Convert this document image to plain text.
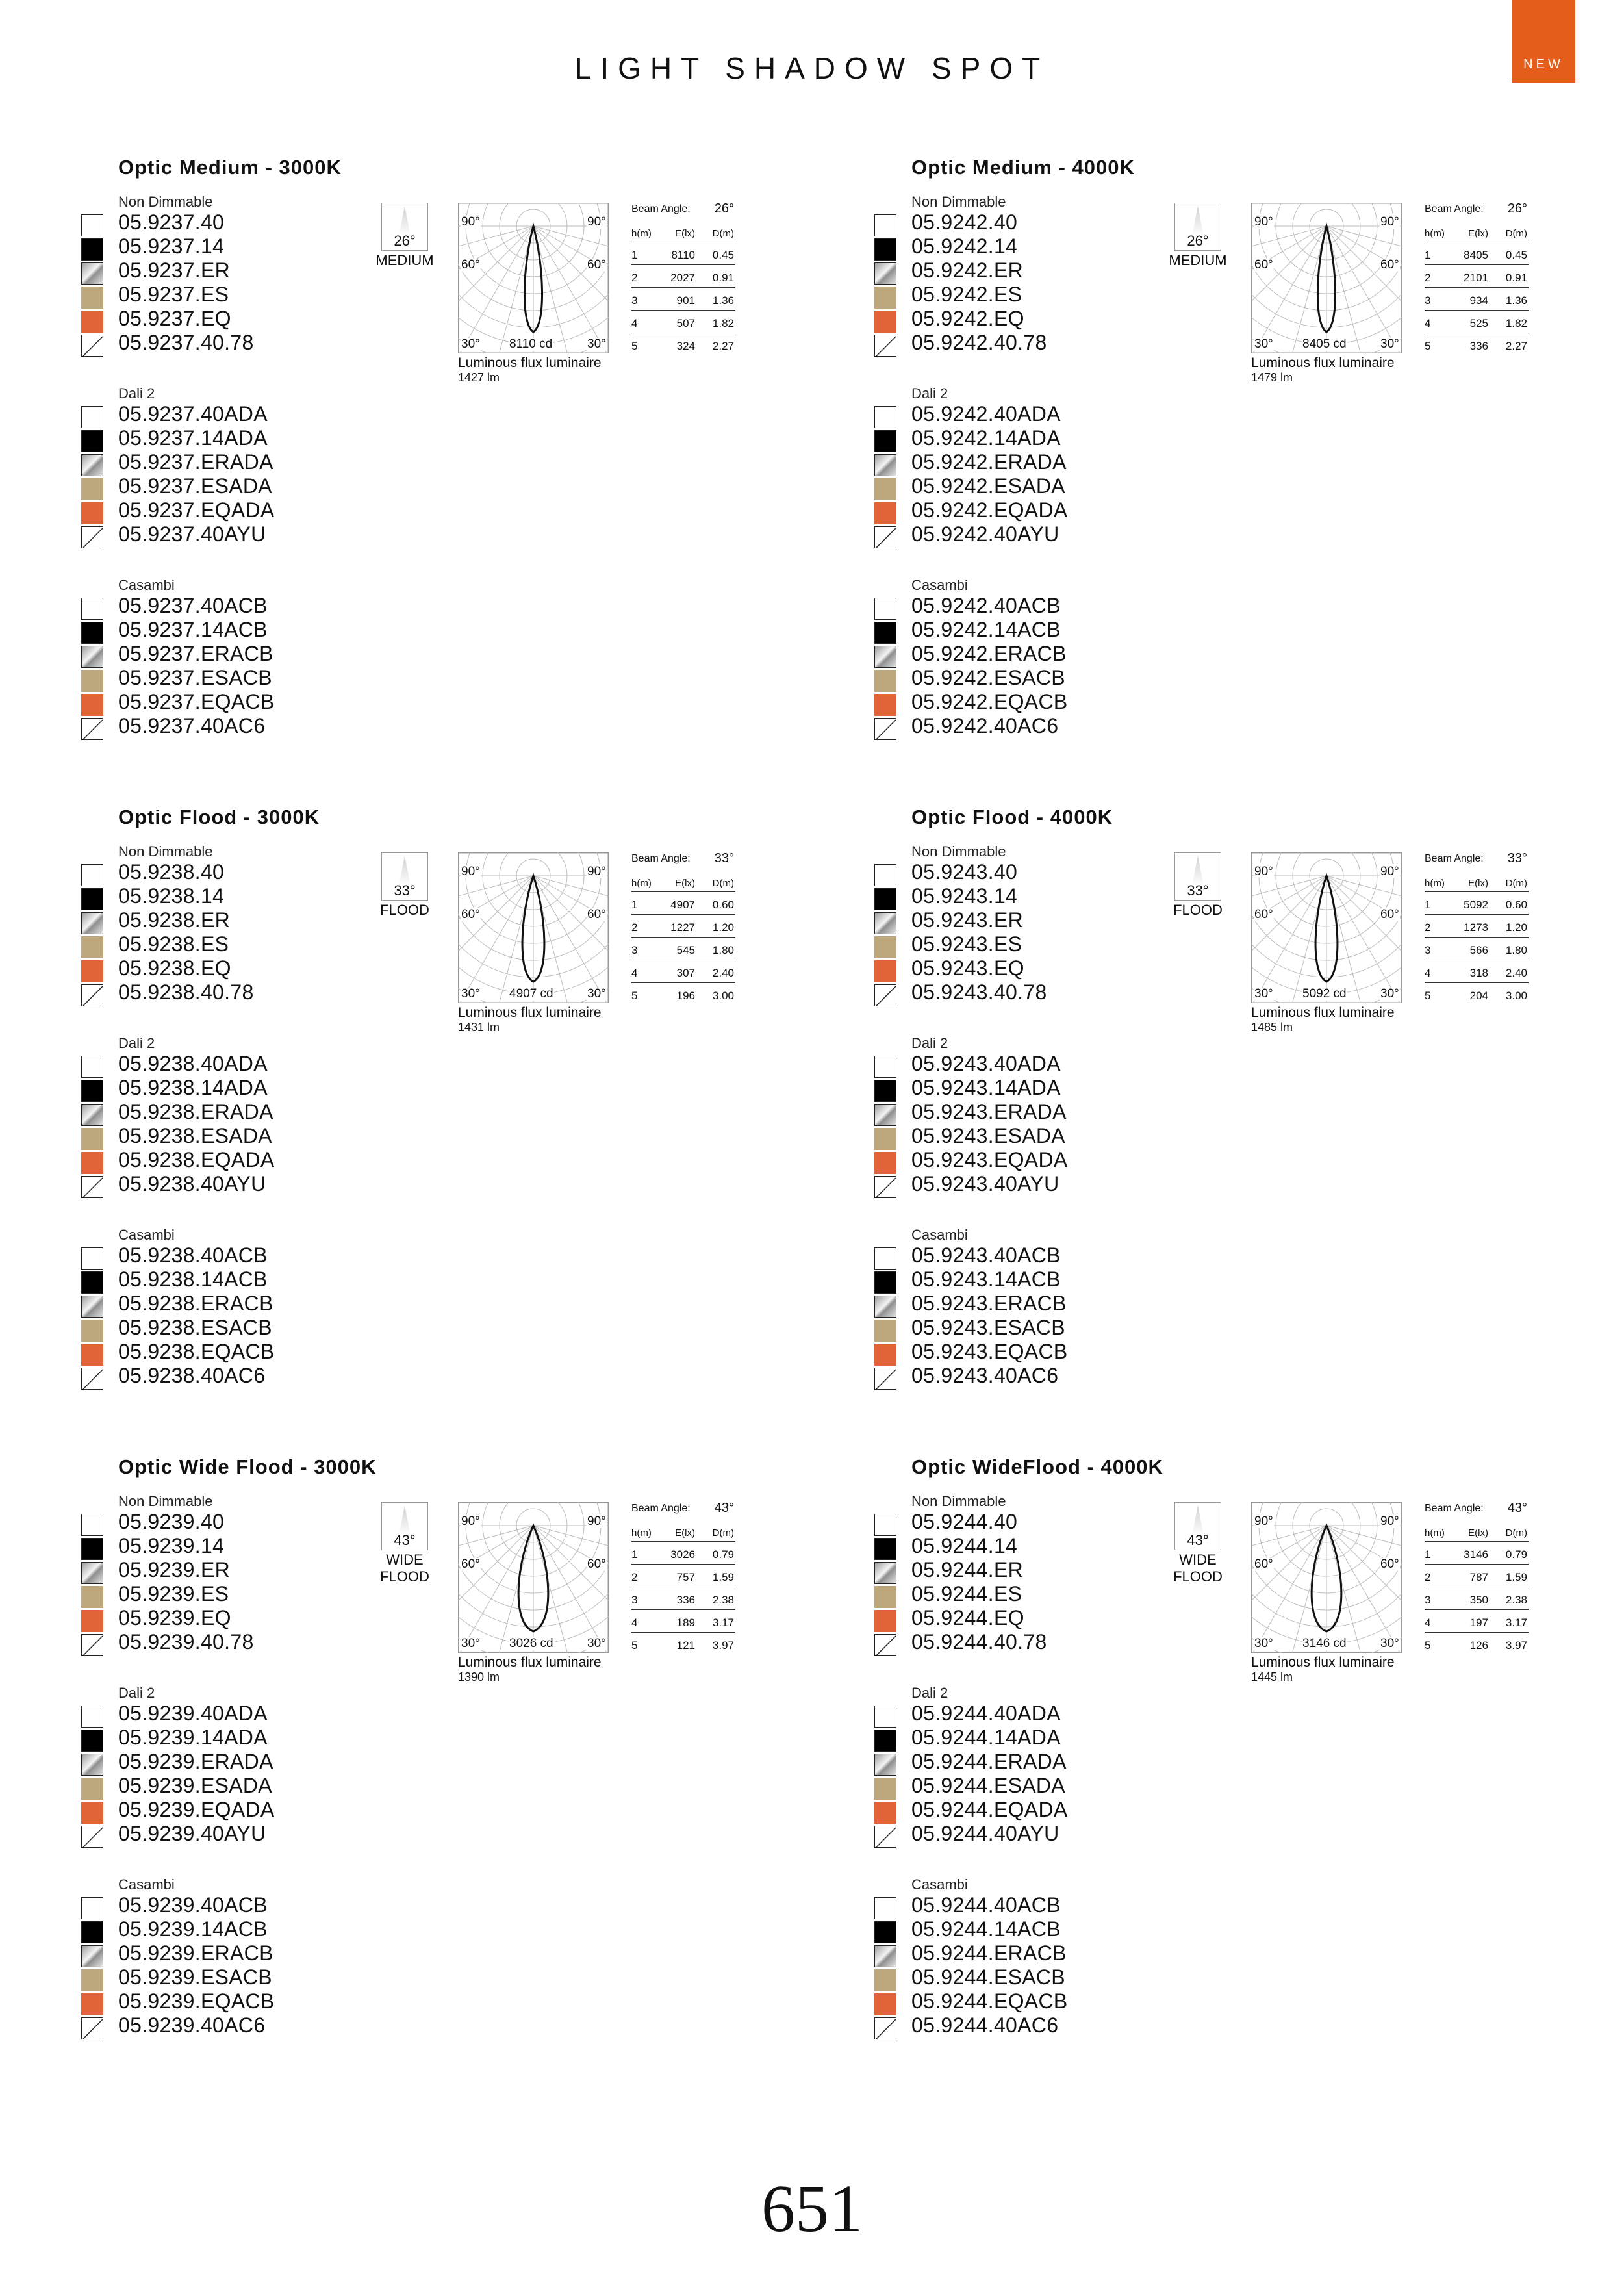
LIGHT SHADOW SPOT	NEW
Optic Medium - 3000K
Non Dimmable
05.9237.40
05.9237.14
05.9237.ER
05.9237.ES
05.9237.EQ
05.9237.40.78
Dali 2
05.9237.40ADA
05.9237.14ADA
05.9237.ERADA
05.9237.ESADA
05.9237.EQADA
05.9237.40AYU
Casambi
05.9237.40ACB
05.9237.14ACB
05.9237.ERACB
05.9237.ESACB
05.9237.EQACB
05.9237.40AC6
26°
MEDIUM
90°	90°
60°	60°
30°	30°
8110 cd
Luminous flux luminaire
1427 lm
Beam Angle: 26°
h(m) E(lx) D(m)
1	8110 0.45
2	2027 0.91
3	901 1.36
4	507 1.82
5	324 2.27
Optic Medium - 4000K
Non Dimmable
05.9242.40
05.9242.14
05.9242.ER
05.9242.ES
05.9242.EQ
05.9242.40.78
Dali 2
05.9242.40ADA
05.9242.14ADA
05.9242.ERADA
05.9242.ESADA
05.9242.EQADA
05.9242.40AYU
Casambi
05.9242.40ACB
05.9242.14ACB
05.9242.ERACB
05.9242.ESACB
05.9242.EQACB
05.9242.40AC6
26°
MEDIUM
90°	90°
60°	60°
30°	30°
8405 cd
Luminous flux luminaire
1479 lm
Beam Angle: 26°
h(m) E(lx) D(m)
1	8405 0.45
2	2101 0.91
3	934 1.36
4	525 1.82
5	336 2.27
Optic Flood - 3000K
Non Dimmable
05.9238.40
05.9238.14
05.9238.ER
05.9238.ES
05.9238.EQ
05.9238.40.78
Dali 2
05.9238.40ADA
05.9238.14ADA
05.9238.ERADA
05.9238.ESADA
05.9238.EQADA
05.9238.40AYU
Casambi
05.9238.40ACB
05.9238.14ACB
05.9238.ERACB
05.9238.ESACB
05.9238.EQACB
05.9238.40AC6
33°
FLOOD
90°	90°
60°	60°
30°	30°
4907 cd
Luminous flux luminaire
1431 lm
Beam Angle: 33°
h(m) E(lx) D(m)
1	4907 0.60
2	1227 1.20
3	545 1.80
4	307 2.40
5	196 3.00
Optic Flood - 4000K
Non Dimmable
05.9243.40
05.9243.14
05.9243.ER
05.9243.ES
05.9243.EQ
05.9243.40.78
Dali 2
05.9243.40ADA
05.9243.14ADA
05.9243.ERADA
05.9243.ESADA
05.9243.EQADA
05.9243.40AYU
Casambi
05.9243.40ACB
05.9243.14ACB
05.9243.ERACB
05.9243.ESACB
05.9243.EQACB
05.9243.40AC6
33°
FLOOD
90°	90°
60°	60°
30°	30°
5092 cd
Luminous flux luminaire
1485 lm
Beam Angle: 33°
h(m) E(lx) D(m)
1	5092 0.60
2	1273 1.20
3	566 1.80
4	318 2.40
5	204 3.00
Optic Wide Flood - 3000K
Non Dimmable
05.9239.40
05.9239.14
05.9239.ER
05.9239.ES
05.9239.EQ
05.9239.40.78
Dali 2
05.9239.40ADA
05.9239.14ADA
05.9239.ERADA
05.9239.ESADA
05.9239.EQADA
05.9239.40AYU
Casambi
05.9239.40ACB
05.9239.14ACB
05.9239.ERACB
05.9239.ESACB
05.9239.EQACB
05.9239.40AC6
43°
WIDE
FLOOD
90°	90°
60°	60°
30°	30°
3026 cd
Luminous flux luminaire
1390 lm
Beam Angle: 43°
h(m) E(lx) D(m)
1	3026 0.79
2	757 1.59
3	336 2.38
4	189 3.17
5	121 3.97
Optic WideFlood - 4000K
Non Dimmable
05.9244.40
05.9244.14
05.9244.ER
05.9244.ES
05.9244.EQ
05.9244.40.78
Dali 2
05.9244.40ADA
05.9244.14ADA
05.9244.ERADA
05.9244.ESADA
05.9244.EQADA
05.9244.40AYU
Casambi
05.9244.40ACB
05.9244.14ACB
05.9244.ERACB
05.9244.ESACB
05.9244.EQACB
05.9244.40AC6
43°
WIDE
FLOOD
90°	90°
60°	60°
30°	30°
3146 cd
Luminous flux luminaire
1445 lm
Beam Angle: 43°
h(m) E(lx) D(m)
1	3146 0.79
2	787 1.59
3	350 2.38
4	197 3.17
5	126 3.97
651
